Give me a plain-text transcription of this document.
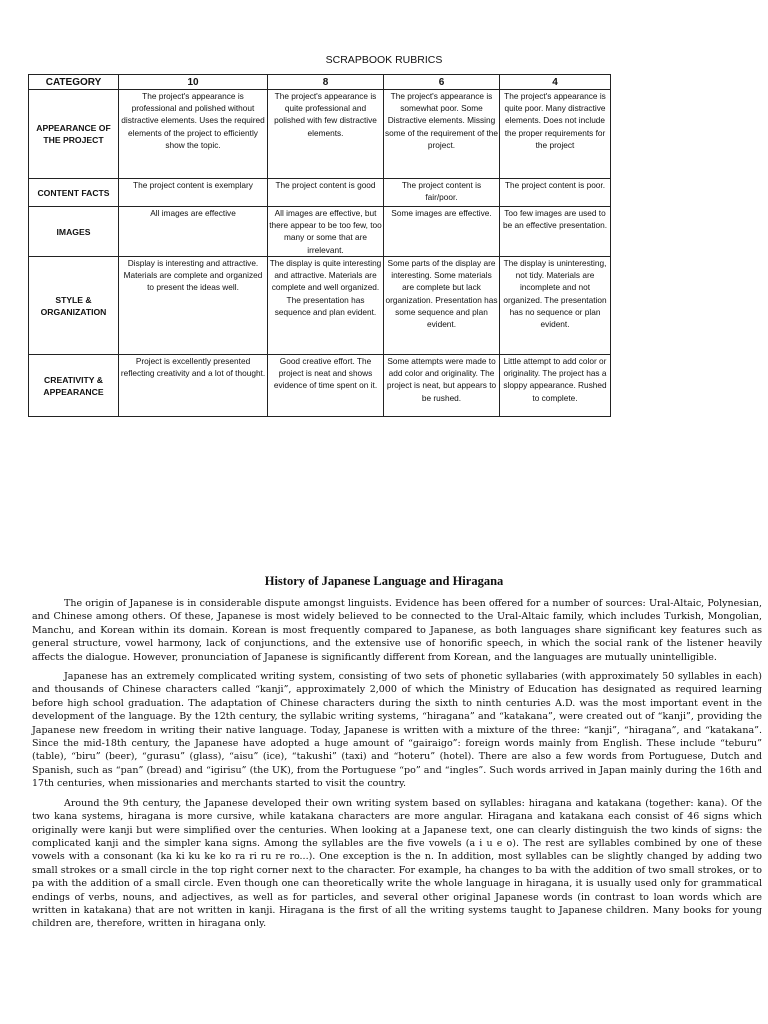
SCRAPBOOK RUBRICS
CATEGORY	10	8	6	4
APPEARANCE OF THE PROJECT	The project's appearance is professional and polished without distractive elements. Uses the required elements of the project to efficiently show the topic.	The project's appearance is quite professional and polished with few distractive elements.	The project's appearance is somewhat poor. Some Distractive elements. Missing some of the requirement of the project.	The project's appearance is quite poor. Many distractive elements. Does not include the proper requirements for the project
CONTENT FACTS	The project content is exemplary	The project content is good	The project content is fair/poor.	The project content is poor.
IMAGES	All images are effective	All images are effective, but there appear to be too few, too many or some that are irrelevant.	Some images are effective.	Too few images are used to be an effective presentation.
STYLE & ORGANIZATION	Display is interesting and attractive. Materials are complete and organized to present the ideas well.	The display is quite interesting and attractive. Materials are complete and well organized. The presentation has sequence and plan evident.	Some parts of the display are interesting. Some materials are complete but lack organization. Presentation has some sequence and plan evident.	The display is uninteresting, not tidy. Materials are incomplete and not organized. The presentation has no sequence or plan evident.
CREATIVITY & APPEARANCE	Project is excellently presented reflecting creativity and a lot of thought.	Good creative effort. The project is neat and shows evidence of time spent on it.	Some attempts were made to add color and originality. The project is neat, but appears to be rushed.	Little attempt to add color or originality. The project has a sloppy appearance. Rushed to complete.
History of Japanese Language and Hiragana

The origin of Japanese is in considerable dispute amongst linguists. Evidence has been offered for a number of sources: Ural-Altaic, Polynesian, and Chinese among others. Of these, Japanese is most widely believed to be connected to the Ural-Altaic family, which includes Turkish, Mongolian, Manchu, and Korean within its domain. Korean is most frequently compared to Japanese, as both languages share significant key features such as general structure, vowel harmony, lack of conjunctions, and the extensive use of honorific speech, in which the social rank of the listener heavily affects the dialogue. However, pronunciation of Japanese is significantly different from Korean, and the languages are mutually unintelligible.

Japanese has an extremely complicated writing system, consisting of two sets of phonetic syllabaries (with approximately 50 syllables in each) and thousands of Chinese characters called “kanji”, approximately 2,000 of which the Ministry of Education has designated as required learning before high school graduation. The adaptation of Chinese characters during the sixth to ninth centuries A.D. was the most important event in the development of the language. By the 12th century, the syllabic writing systems, “hiragana” and “katakana”, were created out of “kanji”, providing the Japanese new freedom in writing their native language. Today, Japanese is written with a mixture of the three: “kanji”, “hiragana”, and “katakana”. Since the mid-18th century, the Japanese have adopted a huge amount of “gairaigo”: foreign words mainly from English. These include “teburu” (table), “biru” (beer), “gurasu” (glass), “aisu” (ice), “takushi” (taxi) and “hoteru” (hotel). There are also a few words from Portuguese, Dutch and Spanish, such as “pan” (bread) and “igirisu” (the UK), from the Portuguese “po” and “ingles”. Such words arrived in Japan mainly during the 16th and 17th centuries, when missionaries and merchants started to visit the country.

Around the 9th century, the Japanese developed their own writing system based on syllables: hiragana and katakana (together: kana). Of the two kana systems, hiragana is more cursive, while katakana characters are more angular. Hiragana and katakana each consist of 46 signs which originally were kanji but were simplified over the centuries. When looking at a Japanese text, one can clearly distinguish the two kinds of signs: the complicated kanji and the simpler kana signs. Among the syllables are the five vowels (a i u e o). The rest are syllables combined by one of these vowels with a consonant (ka ki ku ke ko ra ri ru re ro...). One exception is the n. In addition, most syllables can be slightly changed by adding two small strokes or a small circle in the top right corner next to the character. For example, ha changes to ba with the addition of two small strokes, or to pa with the addition of a small circle. Even though one can theoretically write the whole language in hiragana, it is usually used only for grammatical endings of verbs, nouns, and adjectives, as well as for particles, and several other original Japanese words (in contrast to loan words which are written in katakana) that are not written in kanji. Hiragana is the first of all the writing systems taught to Japanese children. Many books for young children are, therefore, written in hiragana only.
